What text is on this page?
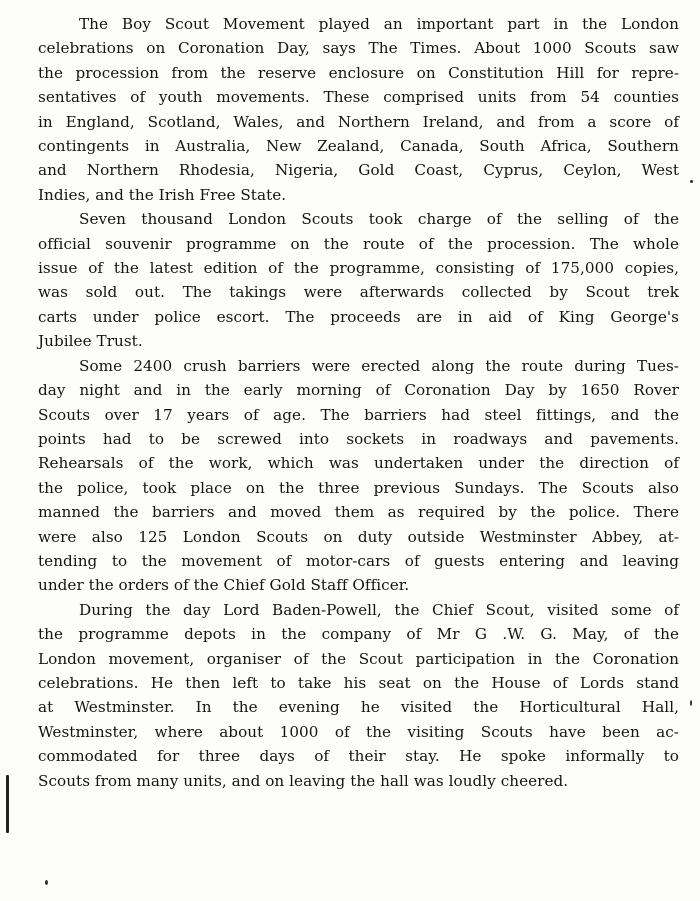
The Boy Scout Movement played an important part in the London
celebrations on Coronation Day, says The Times. About 1000 Scouts saw
the procession from the reserve enclosure on Constitution Hill for repre-
sentatives of youth movements. These comprised units from 54 counties
in England, Scotland, Wales, and Northern Ireland, and from a score of
contingents in Australia, New Zealand, Canada, South Africa, Southern
and Northern Rhodesia, Nigeria, Gold Coast, Cyprus, Ceylon, West
Indies, and the Irish Free State.
Seven thousand London Scouts took charge of the selling of the
official souvenir programme on the route of the procession. The whole
issue of the latest edition of the programme, consisting of 175,000 copies,
was sold out. The takings were afterwards collected by Scout trek
carts under police escort. The proceeds are in aid of King George's
Jubilee Trust.
Some 2400 crush barriers were erected along the route during Tues-
day night and in the early morning of Coronation Day by 1650 Rover
Scouts over 17 years of age. The barriers had steel fittings, and the
points had to be screwed into sockets in roadways and pavements.
Rehearsals of the work, which was undertaken under the direction of
the police, took place on the three previous Sundays. The Scouts also
manned the barriers and moved them as required by the police. There
were also 125 London Scouts on duty outside Westminster Abbey, at-
tending to the movement of motor-cars of guests entering and leaving
under the orders of the Chief Gold Staff Officer.
During the day Lord Baden-Powell, the Chief Scout, visited some of
the programme depots in the company of Mr G .W. G. May, of the
London movement, organiser of the Scout participation in the Coronation
celebrations. He then left to take his seat on the House of Lords stand
at Westminster. In the evening he visited the Horticultural Hall,
Westminster, where about 1000 of the visiting Scouts have been ac-
commodated for three days of their stay. He spoke informally to
Scouts from many units, and on leaving the hall was loudly cheered.
